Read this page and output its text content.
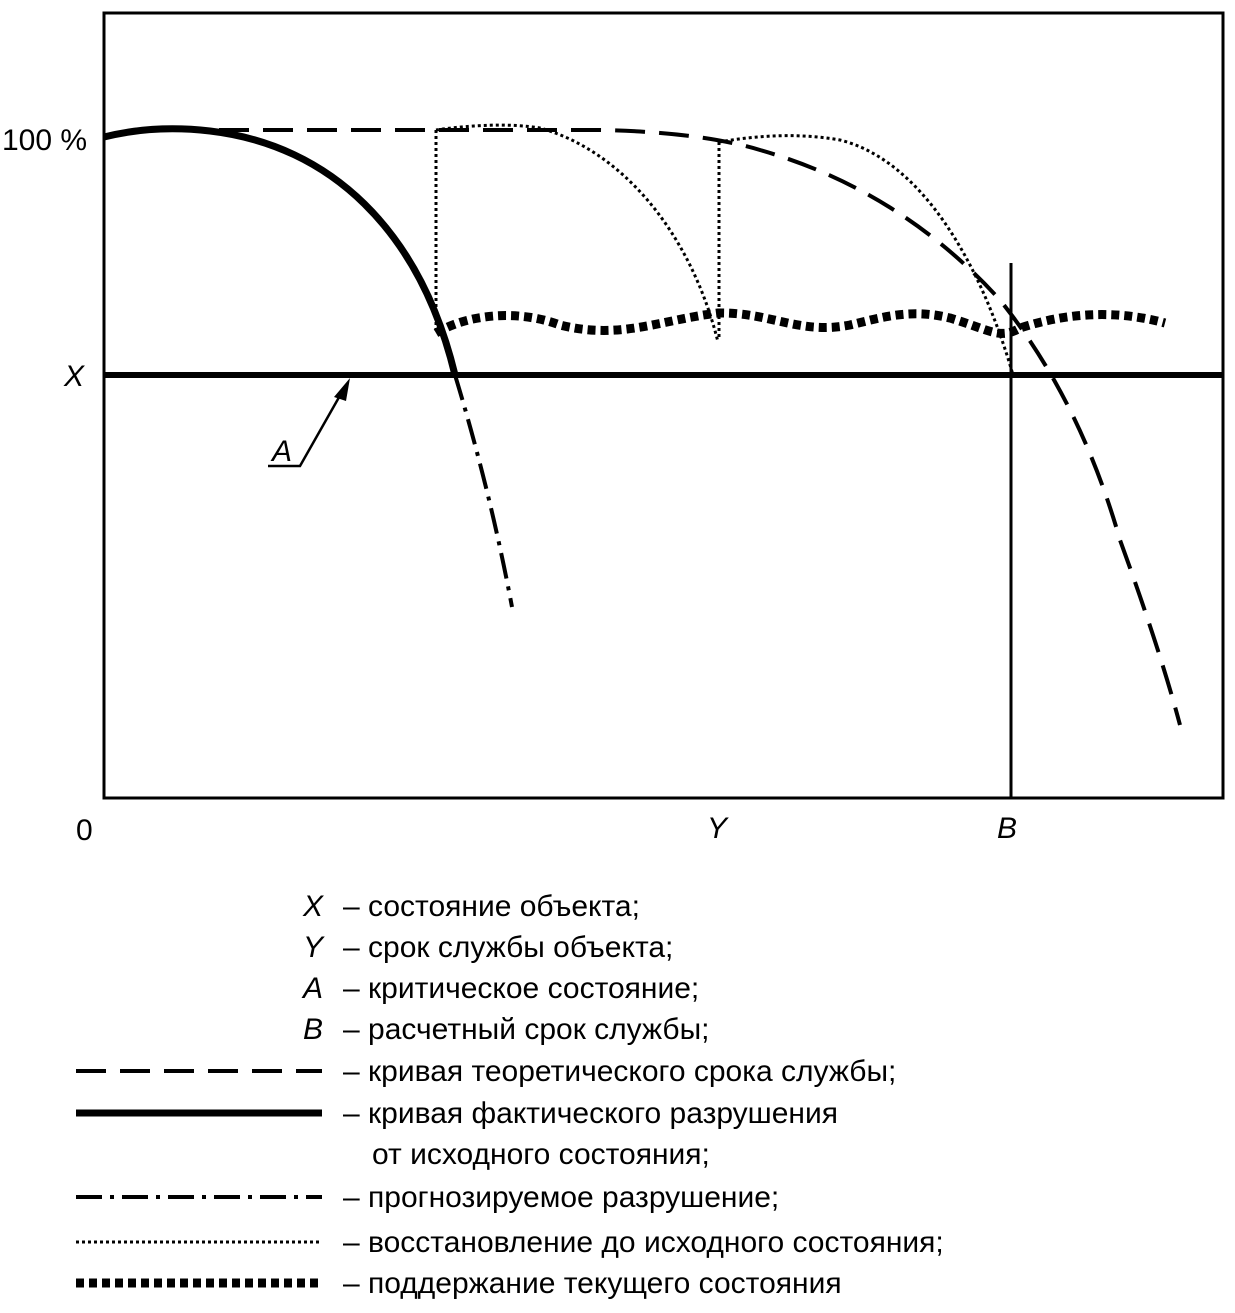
100 %
X
0	Y	B
A
X – состояние объекта;
Y – срок службы объекта;
A – критическое состояние;
B – расчетный срок службы;
– кривая теоретического срока службы;
– кривая фактического разрушения
от исходного состояния;
– прогнозируемое разрушение;
– восстановление до исходного состояния;
– поддержание текущего состояния
